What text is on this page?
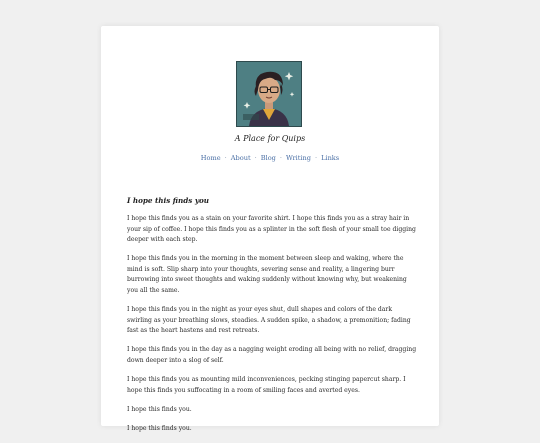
A Place for Quips
Home · About · Blog · Writing · Links
I hope this finds you

I hope this finds you as a stain on your favorite shirt. I hope this finds you as a stray hair in your sip of coffee. I hope this finds you as a splinter in the soft flesh of your small toe digging deeper with each step.

I hope this finds you in the morning in the moment between sleep and waking, where the mind is soft. Slip sharp into your thoughts, severing sense and reality, a lingering burr burrowing into sweet thoughts and waking suddenly without knowing why, but weakening you all the same.

I hope this finds you in the night as your eyes shut, dull shapes and colors of the dark swirling as your breathing slows, steadies. A sudden spike, a shadow, a premonition; fading fast as the heart hastens and rest retreats.

I hope this finds you in the day as a nagging weight eroding all being with no relief, dragging down deeper into a slog of self.

I hope this finds you as mounting mild inconveniences, pecking stinging papercut sharp. I hope this finds you suffocating in a room of smiling faces and averted eyes.

I hope this finds you.

I hope this finds you.
